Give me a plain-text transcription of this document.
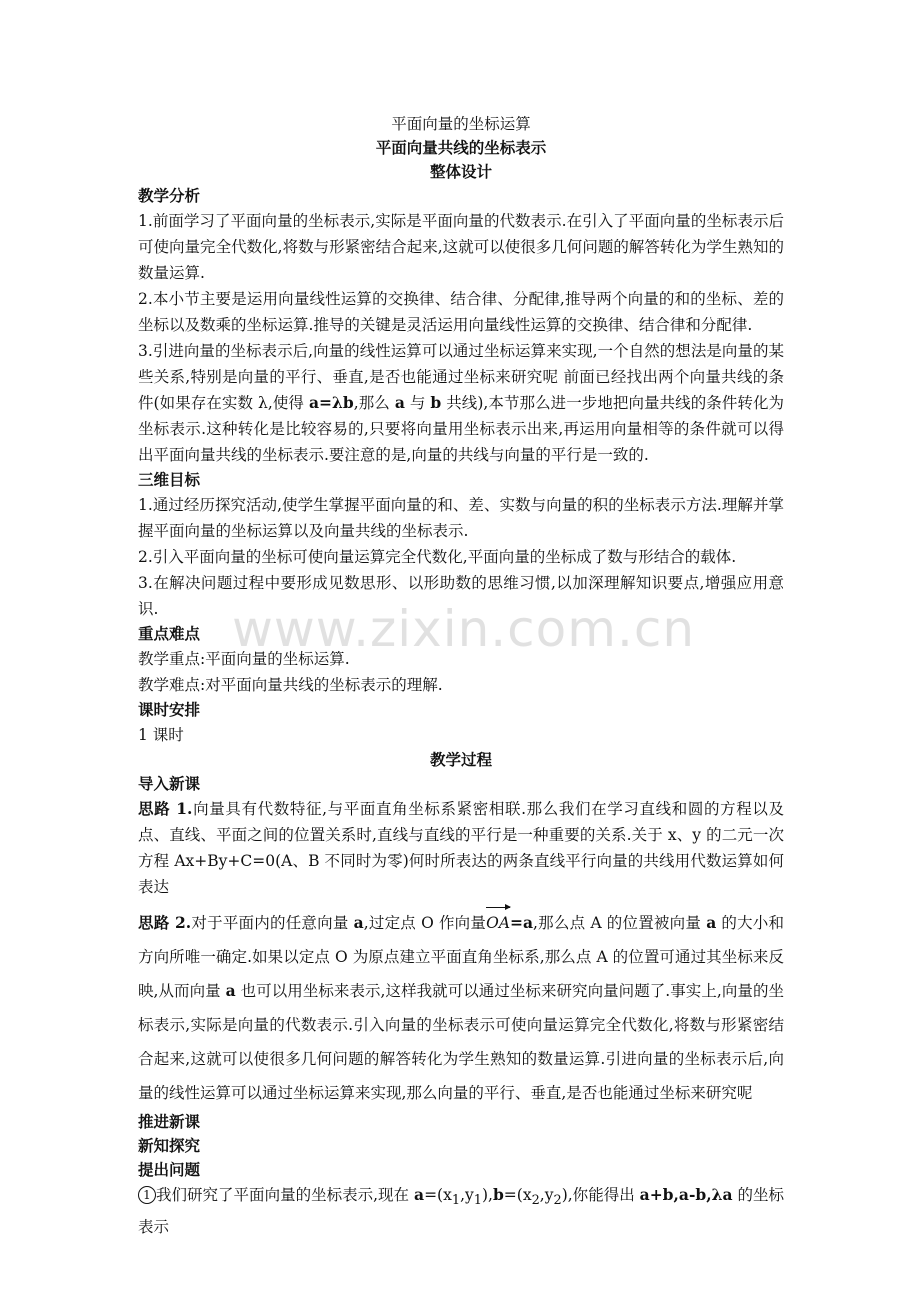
www.zixin.com.cn
平面向量的坐标运算
平面向量共线的坐标表示
整体设计
教学分析

1.前面学习了平面向量的坐标表示,实际是平面向量的代数表示.在引入了平面向量的坐标表示后可使向量完全代数化,将数与形紧密结合起来,这就可以使很多几何问题的解答转化为学生熟知的数量运算.

2.本小节主要是运用向量线性运算的交换律、结合律、分配律,推导两个向量的和的坐标、差的坐标以及数乘的坐标运算.推导的关键是灵活运用向量线性运算的交换律、结合律和分配律.

3.引进向量的坐标表示后,向量的线性运算可以通过坐标运算来实现,一个自然的想法是向量的某些关系,特别是向量的平行、垂直,是否也能通过坐标来研究呢 前面已经找出两个向量共线的条件(如果存在实数 λ,使得 a=λb,那么 a 与 b 共线),本节那么进一步地把向量共线的条件转化为坐标表示.这种转化是比较容易的,只要将向量用坐标表示出来,再运用向量相等的条件就可以得出平面向量共线的坐标表示.要注意的是,向量的共线与向量的平行是一致的.

三维目标

1.通过经历探究活动,使学生掌握平面向量的和、差、实数与向量的积的坐标表示方法.理解并掌握平面向量的坐标运算以及向量共线的坐标表示.

2.引入平面向量的坐标可使向量运算完全代数化,平面向量的坐标成了数与形结合的载体.

3.在解决问题过程中要形成见数思形、以形助数的思维习惯,以加深理解知识要点,增强应用意识.

重点难点

教学重点:平面向量的坐标运算.

教学难点:对平面向量共线的坐标表示的理解.

课时安排

1 课时

教学过程
导入新课

思路 1.向量具有代数特征,与平面直角坐标系紧密相联.那么我们在学习直线和圆的方程以及点、直线、平面之间的位置关系时,直线与直线的平行是一种重要的关系.关于 x、y 的二元一次方程 Ax+By+C=0(A、B 不同时为零)何时所表达的两条直线平行向量的共线用代数运算如何表达

思路 2.对于平面内的任意向量 a,过定点 O 作向量OA=a,那么点 A 的位置被向量 a 的大小和方向所唯一确定.如果以定点 O 为原点建立平面直角坐标系,那么点 A 的位置可通过其坐标来反映,从而向量 a 也可以用坐标来表示,这样我就可以通过坐标来研究向量问题了.事实上,向量的坐标表示,实际是向量的代数表示.引入向量的坐标表示可使向量运算完全代数化,将数与形紧密结合起来,这就可以使很多几何问题的解答转化为学生熟知的数量运算.引进向量的坐标表示后,向量的线性运算可以通过坐标运算来实现,那么向量的平行、垂直,是否也能通过坐标来研究呢

推进新课
新知探究
提出问题

1 我们研究了平面向量的坐标表示,现在 $a=(x_1,y_1),b=(x_2,y_2)$,你能得出 a+b,a-b,λa 的坐标表示
